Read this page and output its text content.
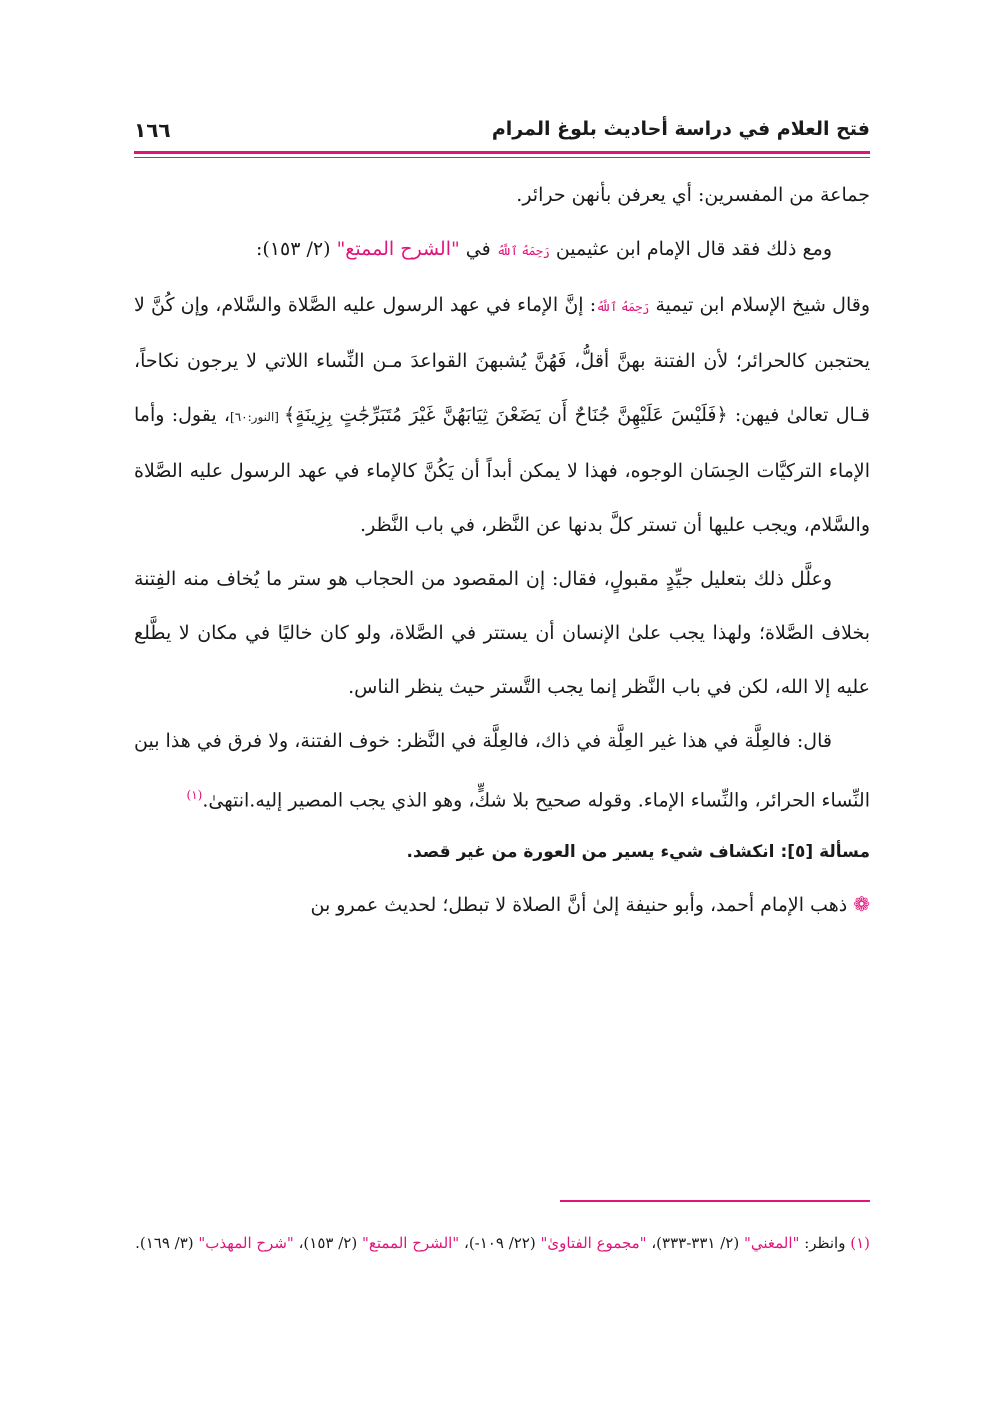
فتح العلام في دراسة أحاديث بلوغ المرام
١٦٦

جماعة من المفسرين: أي يعرفن بأنهن حرائر.

ومع ذلك فقد قال الإمام ابن عثيمين رَحِمَهُ ٱللَّهُ في "الشرح الممتع" (٢/ ١٥٣):

وقال شيخ الإسلام ابن تيمية رَحِمَهُ ٱللَّهُ: إنَّ الإماء في عهد الرسول عليه الصَّلاة والسَّلام، وإن كُنَّ لا يحتجبن كالحرائر؛ لأن الفتنة بهنَّ أقلُّ، فَهُنَّ يُشبهنَ القواعدَ مـن النِّساء اللاتي لا يرجون نكاحاً، قـال تعالىٰ فيهن: ﴿فَلَيْسَ عَلَيْهِنَّ جُنَاحٌ أَن يَضَعْنَ ثِيَابَهُنَّ غَيْرَ مُتَبَرِّجَٰتٍ بِزِينَةٍ﴾ [النور:٦٠]، يقول: وأما الإماء التركيَّات الحِسَان الوجوه، فهذا لا يمكن أبداً أن يَكُنَّ كالإماء في عهد الرسول عليه الصَّلاة والسَّلام، ويجب عليها أن تستر كلَّ بدنها عن النَّظر، في باب النَّظر.

وعلَّل ذلك بتعليل جيِّدٍ مقبولٍ، فقال: إن المقصود من الحجاب هو ستر ما يُخاف منه الفِتنة بخلاف الصَّلاة؛ ولهذا يجب علىٰ الإنسان أن يستتر في الصَّلاة، ولو كان خاليًا في مكان لا يطَّلع عليه إلا الله، لكن في باب النَّظر إنما يجب التَّستر حيث ينظر الناس.

قال: فالعِلَّة في هذا غير العِلَّة في ذاك، فالعِلَّة في النَّظر: خوف الفتنة، ولا فرق في هذا بين النِّساء الحرائر، والنِّساء الإماء. وقوله صحيح بلا شكٍّ، وهو الذي يجب المصير إليه.انتهىٰ.$^{(١)}$

مسألة [٥]: انكشاف شيء يسير من العورة من غير قصد.

❁ ذهب الإمام أحمد، وأبو حنيفة إلىٰ أنَّ الصلاة لا تبطل؛ لحديث عمرو بن

(١) وانظر: "المغني" (٢/ ٣٣١-٣٣٣)، "مجموع الفتاوىٰ" (٢٢/ ١٠٩-)، "الشرح الممتع" (٢/ ١٥٣)، "شرح المهذب" (٣/ ١٦٩).
